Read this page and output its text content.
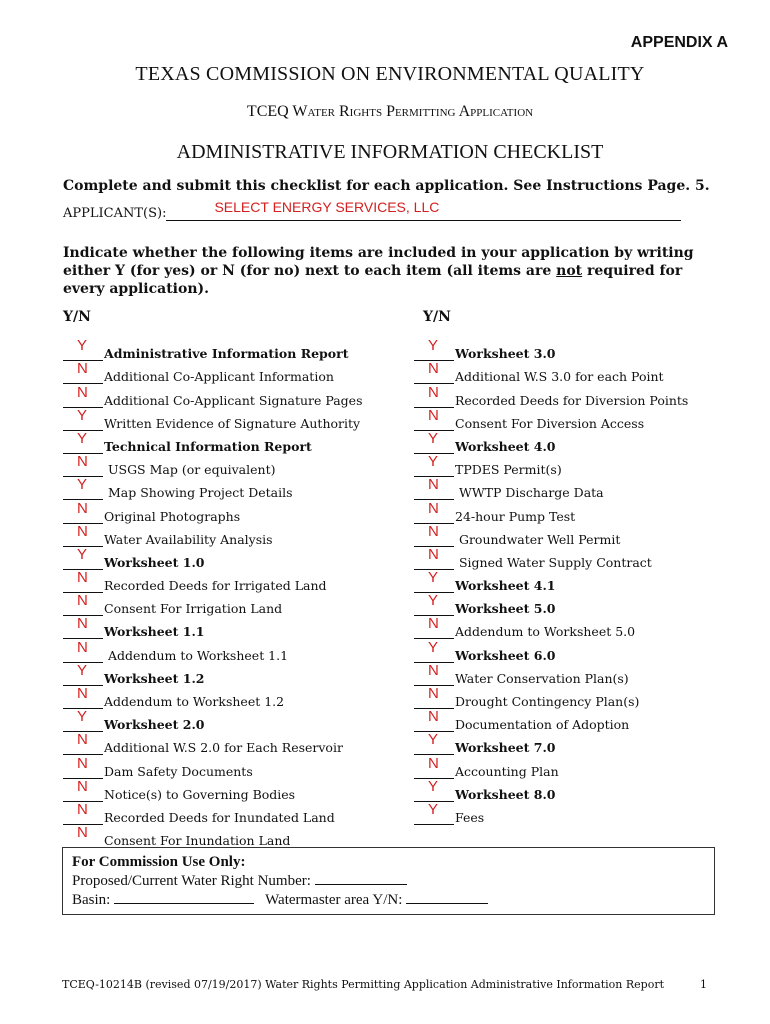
APPENDIX A
TEXAS COMMISSION ON ENVIRONMENTAL QUALITY
TCEQ Water Rights Permitting Application
ADMINISTRATIVE INFORMATION CHECKLIST
Complete and submit this checklist for each application. See Instructions Page. 5.
APPLICANT(S):	SELECT ENERGY SERVICES, LLC
Indicate whether the following items are included in your application by writing either Y (for yes) or N (for no) next to each item (all items are not required for every application).
Y/N	Y/N
Y Administrative Information Report
N Additional Co-Applicant Information
N Additional Co-Applicant Signature Pages
Y Written Evidence of Signature Authority
Y Technical Information Report
N USGS Map (or equivalent)
Y Map Showing Project Details
N Original Photographs
N Water Availability Analysis
Y Worksheet 1.0
N Recorded Deeds for Irrigated Land
N Consent For Irrigation Land
N Worksheet 1.1
N Addendum to Worksheet 1.1
Y Worksheet 1.2
N Addendum to Worksheet 1.2
Y Worksheet 2.0
N Additional W.S 2.0 for Each Reservoir
N Dam Safety Documents
N Notice(s) to Governing Bodies
N Recorded Deeds for Inundated Land
N Consent For Inundation Land
Y Worksheet 3.0
N Additional W.S 3.0 for each Point
N Recorded Deeds for Diversion Points
N Consent For Diversion Access
Y Worksheet 4.0
Y TPDES Permit(s)
N WWTP Discharge Data
N 24-hour Pump Test
N Groundwater Well Permit
N Signed Water Supply Contract
Y Worksheet 4.1
Y Worksheet 5.0
N Addendum to Worksheet 5.0
Y Worksheet 6.0
N Water Conservation Plan(s)
N Drought Contingency Plan(s)
N Documentation of Adoption
Y Worksheet 7.0
N Accounting Plan
Y Worksheet 8.0
Y Fees
For Commission Use Only:
Proposed/Current Water Right Number:
Basin:	Watermaster area Y/N:
TCEQ-10214B (revised 07/19/2017) Water Rights Permitting Application Administrative Information Report	1
